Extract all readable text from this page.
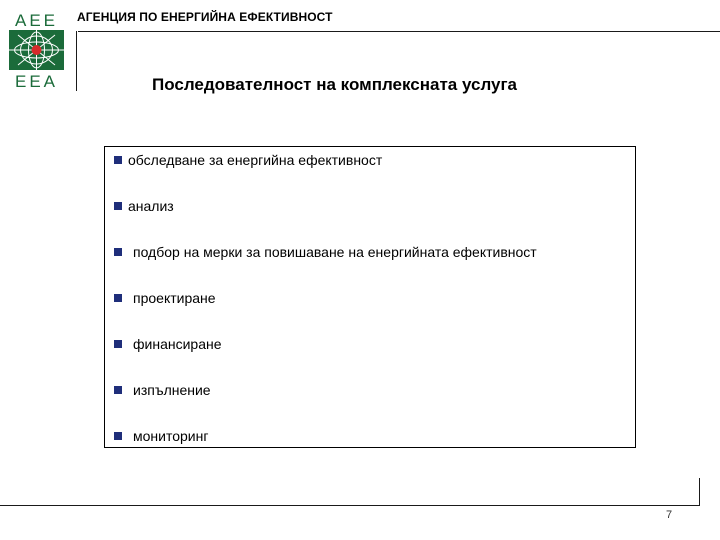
AEE
EEA
АГЕНЦИЯ ПО ЕНЕРГИЙНА ЕФЕКТИВНОСТ
Последователност на комплексната услуга
обследване за енергийна ефективност
анализ
подбор на мерки за повишаване на енергийната ефективност
проектиране
финансиране
изпълнение
мониторинг
7
